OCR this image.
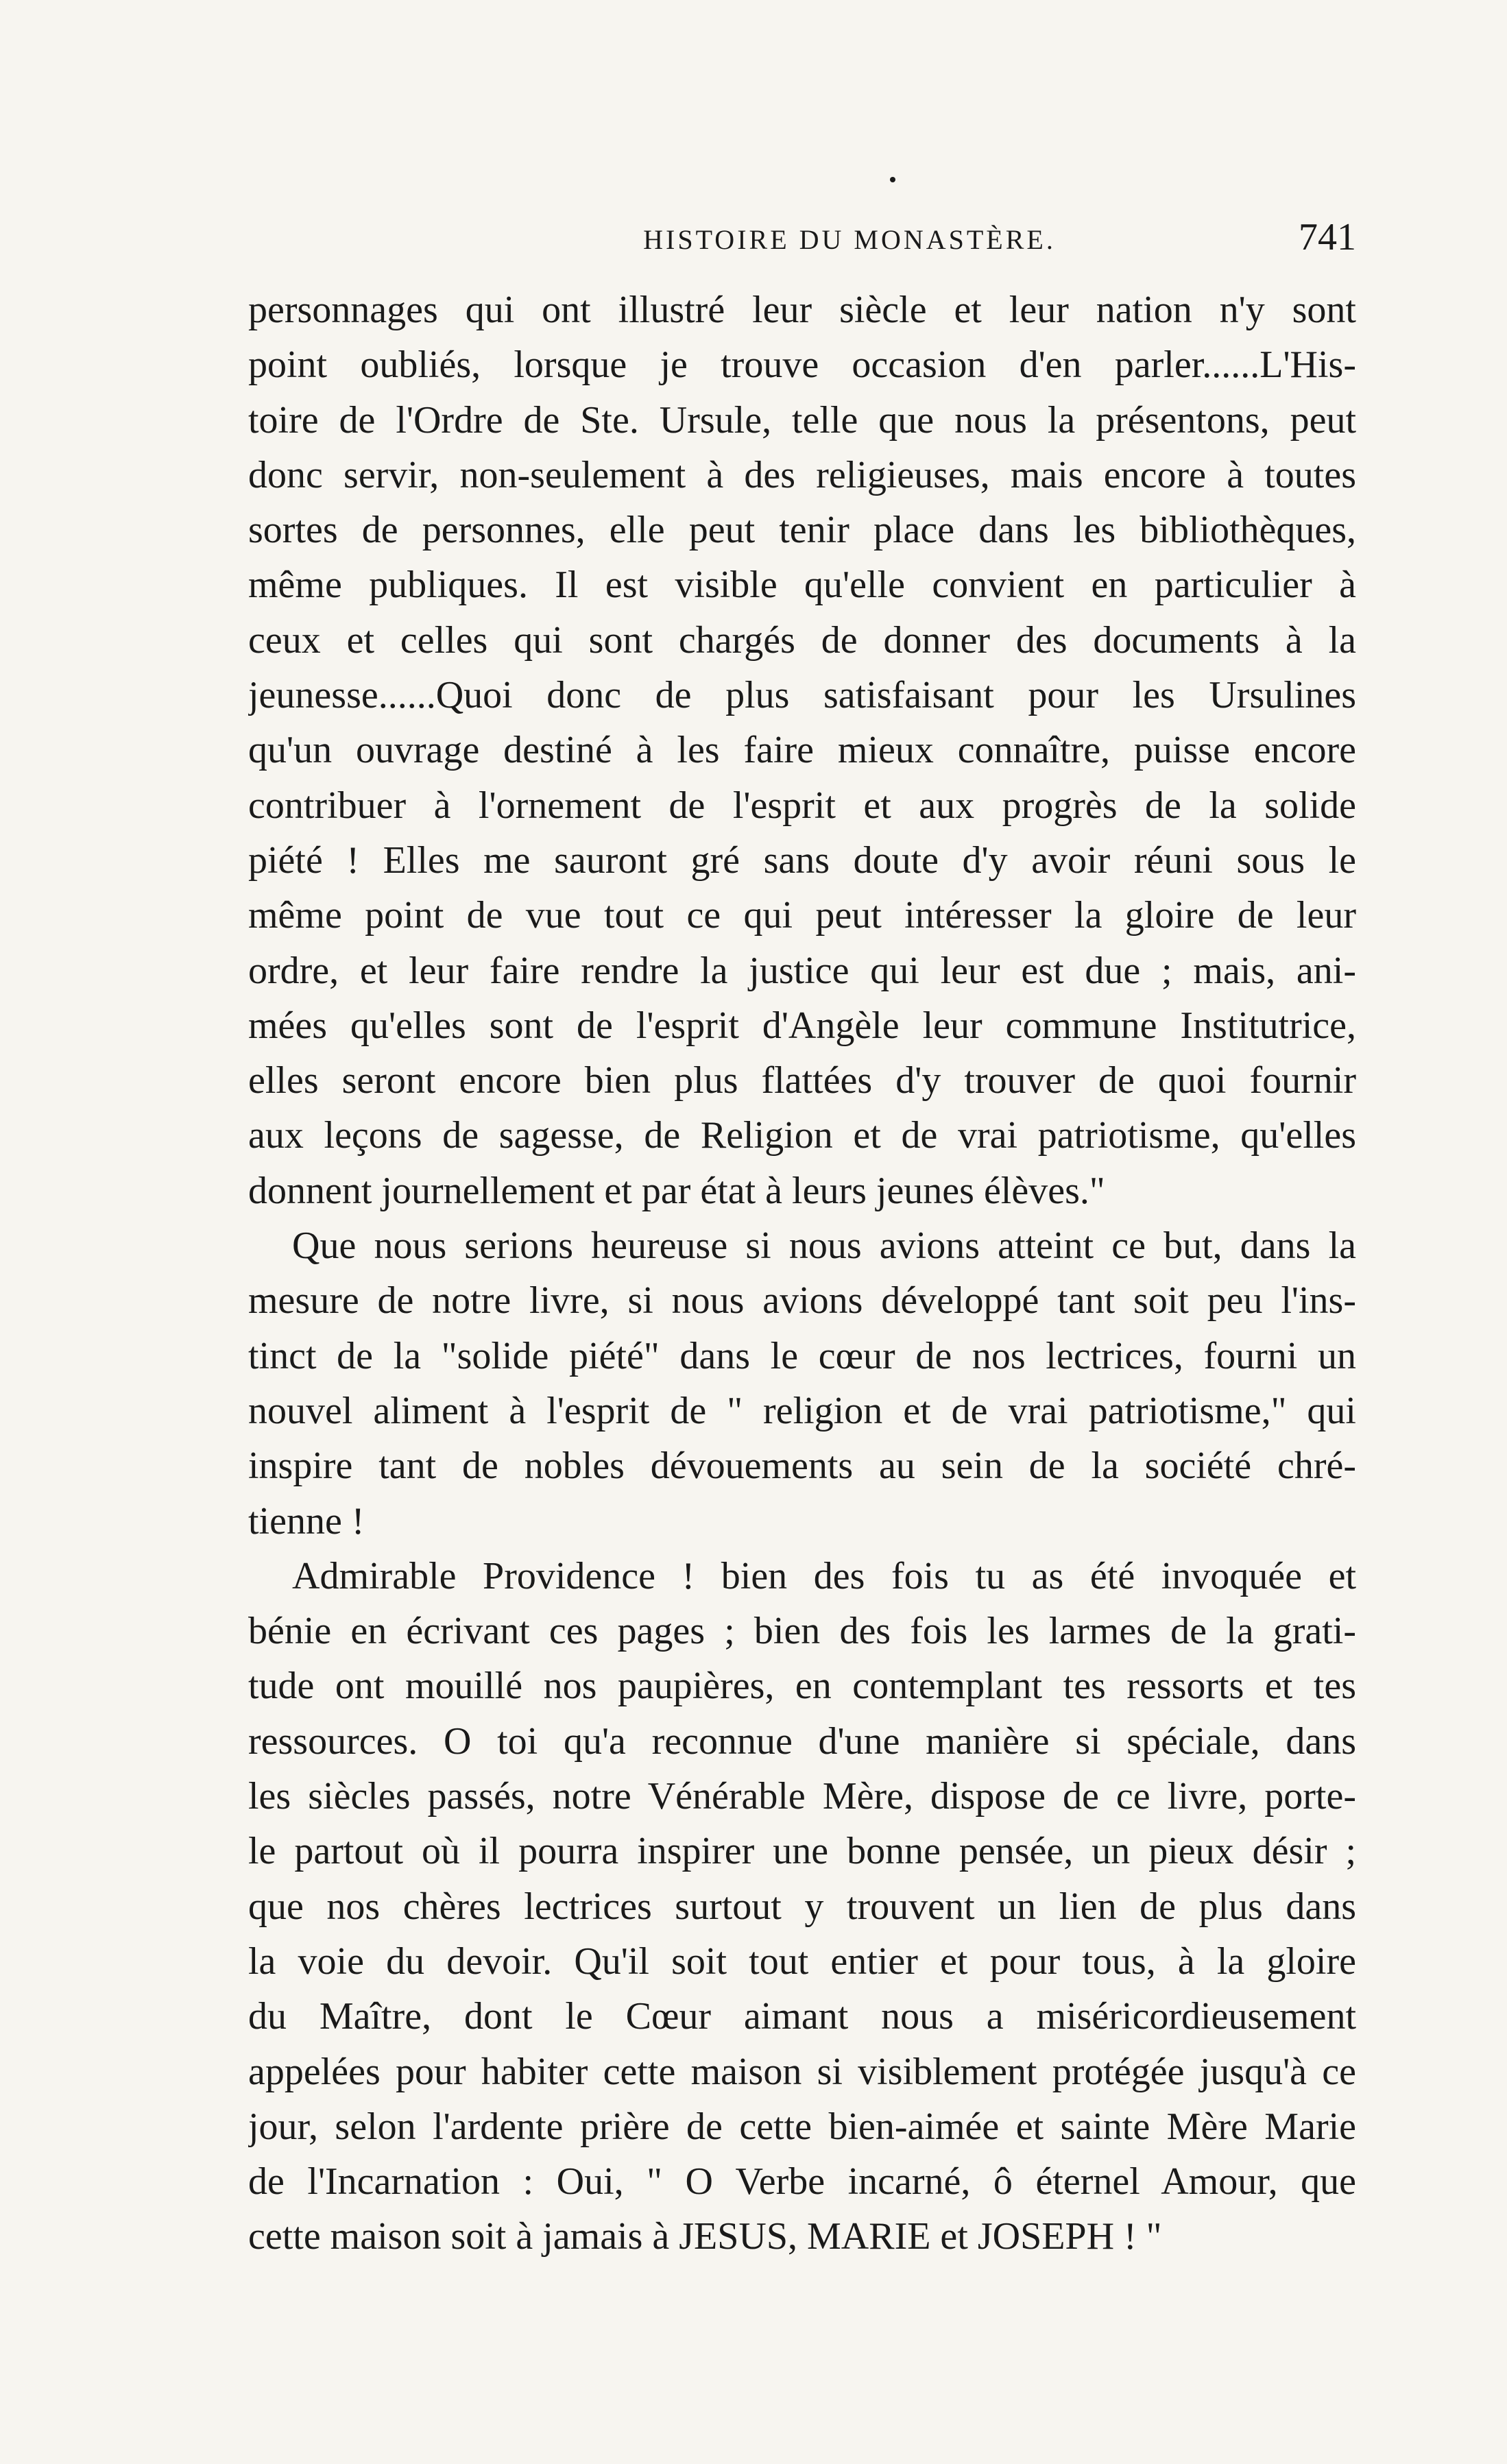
HISTOIRE DU MONASTÈRE.	741
personnages qui ont illustré leur siècle et leur nation n'y sont
point oubliés, lorsque je trouve occasion d'en parler......L'His-
toire de l'Ordre de Ste. Ursule, telle que nous la présentons, peut
donc servir, non-seulement à des religieuses, mais encore à toutes
sortes de personnes, elle peut tenir place dans les bibliothèques,
même publiques. Il est visible qu'elle convient en particulier à
ceux et celles qui sont chargés de donner des documents à la
jeunesse......Quoi donc de plus satisfaisant pour les Ursulines
qu'un ouvrage destiné à les faire mieux connaître, puisse encore
contribuer à l'ornement de l'esprit et aux progrès de la solide
piété ! Elles me sauront gré sans doute d'y avoir réuni sous le
même point de vue tout ce qui peut intéresser la gloire de leur
ordre, et leur faire rendre la justice qui leur est due ; mais, ani-
mées qu'elles sont de l'esprit d'Angèle leur commune Institutrice,
elles seront encore bien plus flattées d'y trouver de quoi fournir
aux leçons de sagesse, de Religion et de vrai patriotisme, qu'elles
donnent journellement et par état à leurs jeunes élèves."
Que nous serions heureuse si nous avions atteint ce but, dans la
mesure de notre livre, si nous avions développé tant soit peu l'ins-
tinct de la "solide piété" dans le cœur de nos lectrices, fourni un
nouvel aliment à l'esprit de " religion et de vrai patriotisme," qui
inspire tant de nobles dévouements au sein de la société chré-
tienne !
Admirable Providence ! bien des fois tu as été invoquée et
bénie en écrivant ces pages ; bien des fois les larmes de la grati-
tude ont mouillé nos paupières, en contemplant tes ressorts et tes
ressources. O toi qu'a reconnue d'une manière si spéciale, dans
les siècles passés, notre Vénérable Mère, dispose de ce livre, porte-
le partout où il pourra inspirer une bonne pensée, un pieux désir ;
que nos chères lectrices surtout y trouvent un lien de plus dans
la voie du devoir. Qu'il soit tout entier et pour tous, à la gloire
du Maître, dont le Cœur aimant nous a miséricordieusement
appelées pour habiter cette maison si visiblement protégée jusqu'à ce
jour, selon l'ardente prière de cette bien-aimée et sainte Mère Marie
de l'Incarnation : Oui, " O Verbe incarné, ô éternel Amour, que
cette maison soit à jamais à JESUS, MARIE et JOSEPH ! "
